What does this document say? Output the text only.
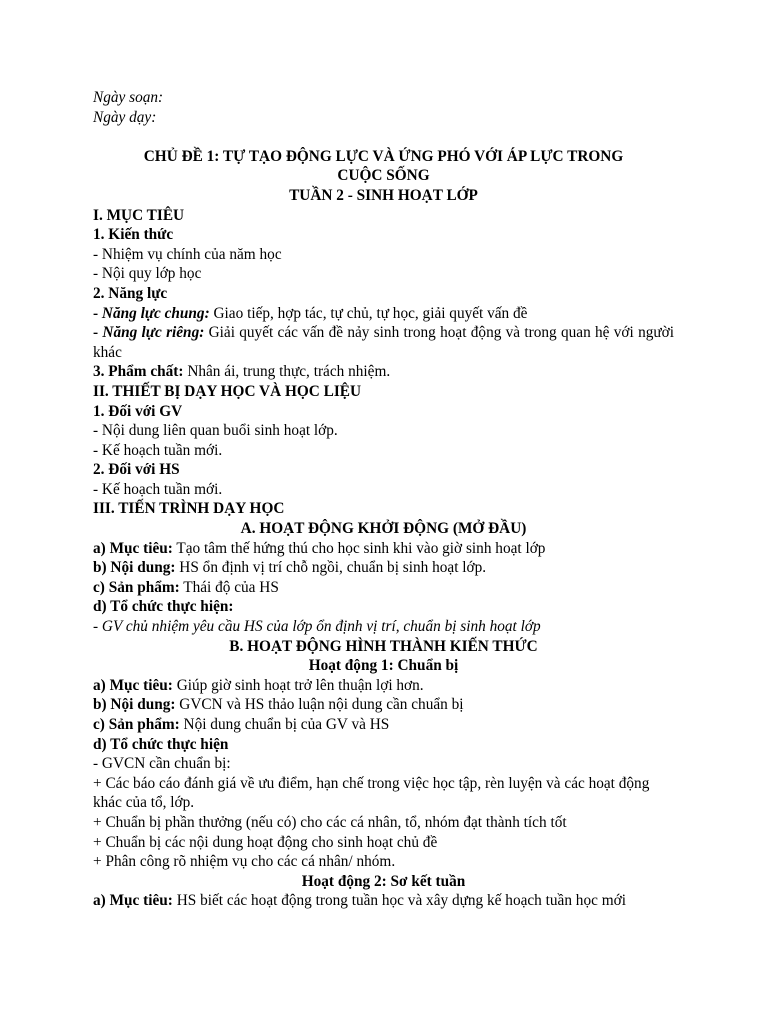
Ngày soạn:
Ngày dạy:
CHỦ ĐỀ 1: TỰ TẠO ĐỘNG LỰC VÀ ỨNG PHÓ VỚI ÁP LỰC TRONG
CUỘC SỐNG
TUẦN 2 - SINH HOẠT LỚP
I. MỤC TIÊU
1. Kiến thức
- Nhiệm vụ chính của năm học
- Nội quy lớp học
2. Năng lực
- Năng lực chung: Giao tiếp, hợp tác, tự chủ, tự học, giải quyết vấn đề
- Năng lực riêng: Giải quyết các vấn đề nảy sinh trong hoạt động và trong quan hệ với người khác
3. Phẩm chất: Nhân ái, trung thực, trách nhiệm.
II. THIẾT BỊ DẠY HỌC VÀ HỌC LIỆU
1. Đối với GV
- Nội dung liên quan buổi sinh hoạt lớp.
- Kế hoạch tuần mới.
2. Đối với HS
- Kế hoạch tuần mới.
III. TIẾN TRÌNH DẠY HỌC
A. HOẠT ĐỘNG KHỞI ĐỘNG (MỞ ĐẦU)
a) Mục tiêu: Tạo tâm thế hứng thú cho học sinh khi vào giờ sinh hoạt lớp
b) Nội dung: HS ổn định vị trí chỗ ngồi, chuẩn bị sinh hoạt lớp.
c) Sản phẩm: Thái độ của HS
d) Tổ chức thực hiện:
- GV chủ nhiệm yêu cầu HS của lớp ổn định vị trí, chuẩn bị sinh hoạt lớp
B. HOẠT ĐỘNG HÌNH THÀNH KIẾN THỨC
Hoạt động 1: Chuẩn bị
a) Mục tiêu: Giúp giờ sinh hoạt trở lên thuận lợi hơn.
b) Nội dung: GVCN và HS thảo luận nội dung cần chuẩn bị
c) Sản phẩm: Nội dung chuẩn bị của GV và HS
d) Tổ chức thực hiện
- GVCN cần chuẩn bị:
+ Các báo cáo đánh giá về ưu điểm, hạn chế trong việc học tập, rèn luyện và các hoạt động khác của tổ, lớp.
+ Chuẩn bị phần thưởng (nếu có) cho các cá nhân, tổ, nhóm đạt thành tích tốt
+ Chuẩn bị các nội dung hoạt động cho sinh hoạt chủ đề
+ Phân công rõ nhiệm vụ cho các cá nhân/ nhóm.
Hoạt động 2: Sơ kết tuần
a) Mục tiêu: HS biết các hoạt động trong tuần học và xây dựng kế hoạch tuần học mới
